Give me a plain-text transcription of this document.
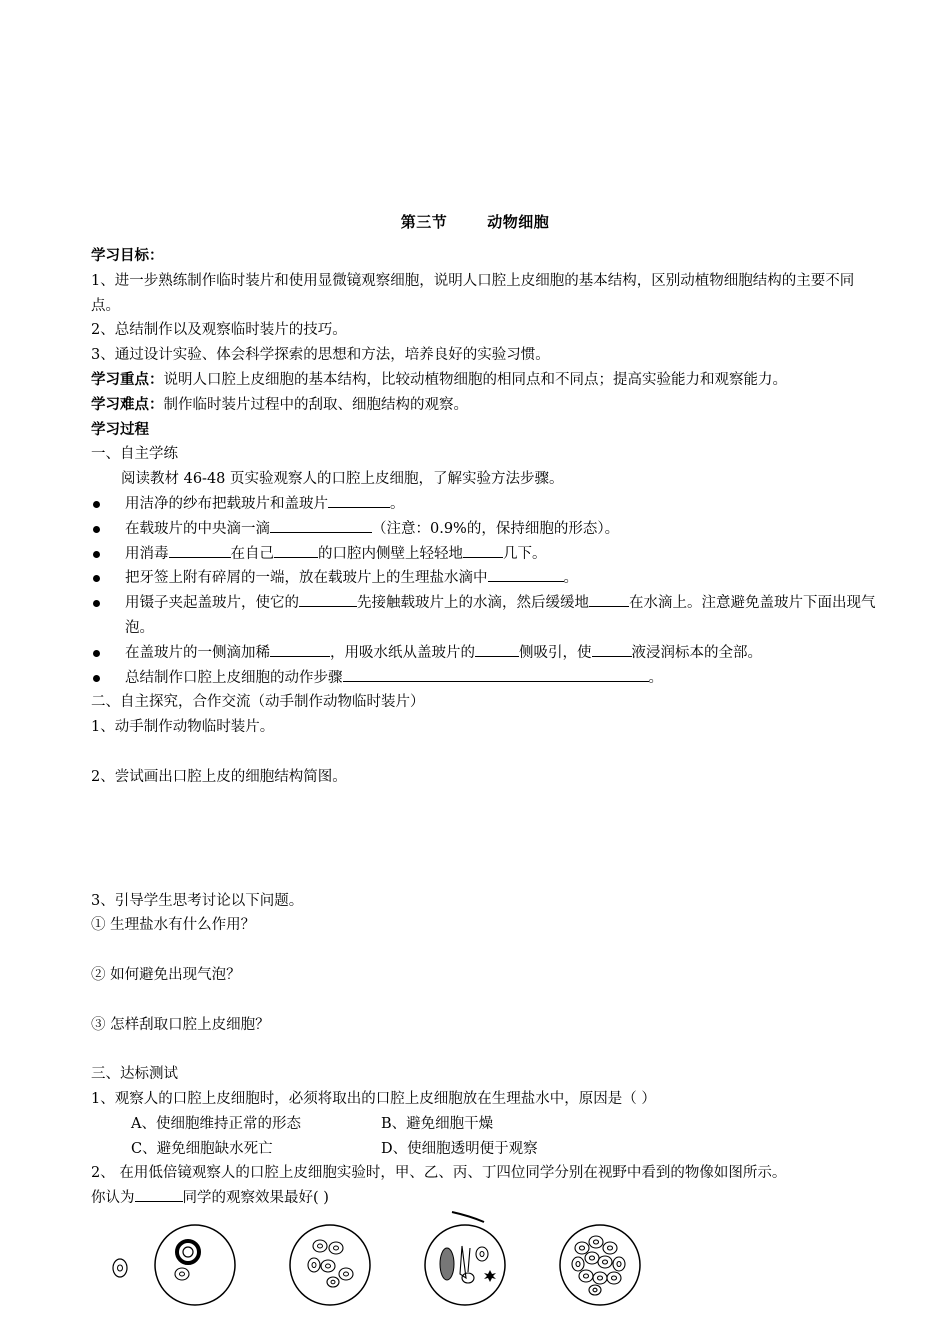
第三节	动物细胞
学习目标：
1、进一步熟练制作临时装片和使用显微镜观察细胞，说明人口腔上皮细胞的基本结构，区别动植物细胞结构的主要不同点。
2、总结制作以及观察临时装片的技巧。
3、通过设计实验、体会科学探索的思想和方法，培养良好的实验习惯。
学习重点：说明人口腔上皮细胞的基本结构，比较动植物细胞的相同点和不同点；提高实验能力和观察能力。
学习难点：制作临时装片过程中的刮取、细胞结构的观察。
学习过程
一、自主学练
阅读教材 46-48 页实验观察人的口腔上皮细胞，了解实验方法步骤。
用洁净的纱布把载玻片和盖玻片	。
在载玻片的中央滴一滴	（注意：0.9%的，保持细胞的形态）。
用消毒	在自己	的口腔内侧壁上轻轻地	几下。
把牙签上附有碎屑的一端，放在载玻片上的生理盐水滴中	。
用镊子夹起盖玻片，使它的	先接触载玻片上的水滴，然后缓缓地	在水滴上。注意避免盖玻片下面出现气泡。
在盖玻片的一侧滴加稀	，用吸水纸从盖玻片的	侧吸引，使	液浸润标本的全部。
总结制作口腔上皮细胞的动作步骤	。
二、自主探究，合作交流（动手制作动物临时装片）
1、动手制作动物临时装片。
2、尝试画出口腔上皮的细胞结构简图。
3、引导学生思考讨论以下问题。
① 生理盐水有什么作用？
② 如何避免出现气泡？
③ 怎样刮取口腔上皮细胞？
三、达标测试
1、观察人的口腔上皮细胞时，必须将取出的口腔上皮细胞放在生理盐水中，原因是（ ）
A、使细胞维持正常的形态	B、避免细胞干燥
C、避免细胞缺水死亡	D、使细胞透明便于观察
2、 在用低倍镜观察人的口腔上皮细胞实验时，甲、乙、丙、丁四位同学分别在视野中看到的物像如图所示。
你认为	同学的观察效果最好( )
